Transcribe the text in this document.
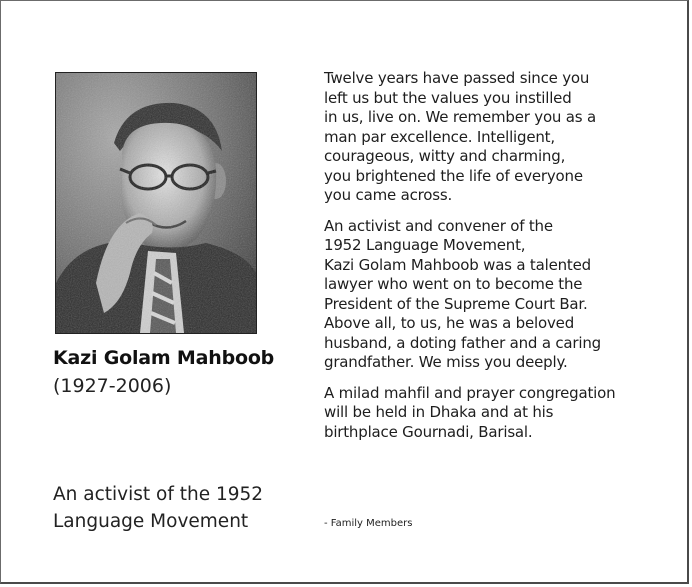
Kazi Golam Mahboob
(1927-2006)
An activist of the 1952
Language Movement

Twelve years have passed since you
left us but the values you instilled
in us, live on. We remember you as a
man par excellence. Intelligent,
courageous, witty and charming,
you brightened the life of everyone
you came across.

An activist and convener of the
1952 Language Movement,
Kazi Golam Mahboob was a talented
lawyer who went on to become the
President of the Supreme Court Bar.
Above all, to us, he was a beloved
husband, a doting father and a caring
grandfather. We miss you deeply.

A milad mahfil and prayer congregation
will be held in Dhaka and at his
birthplace Gournadi, Barisal.

- Family Members
